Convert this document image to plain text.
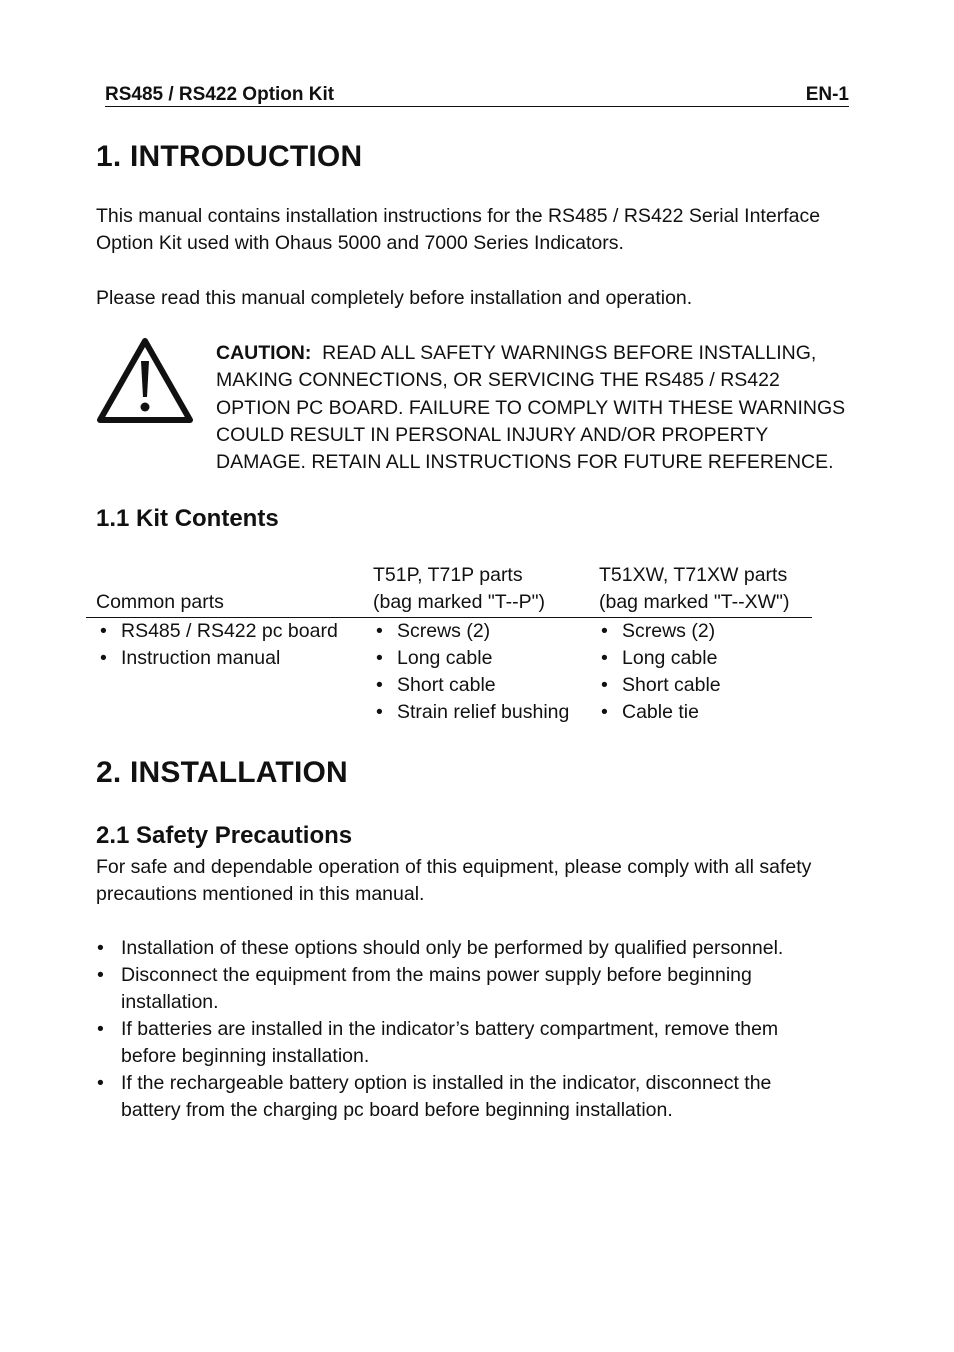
RS485 / RS422 Option Kit	EN-1
1. INTRODUCTION

This manual contains installation instructions for the RS485 / RS422 Serial Interface Option Kit used with Ohaus 5000 and 7000 Series Indicators.

Please read this manual completely before installation and operation.

CAUTION: READ ALL SAFETY WARNINGS BEFORE INSTALLING, MAKING CONNECTIONS, OR SERVICING THE RS485 / RS422 OPTION PC BOARD. FAILURE TO COMPLY WITH THESE WARNINGS COULD RESULT IN PERSONAL INJURY AND/OR PROPERTY DAMAGE. RETAIN ALL INSTRUCTIONS FOR FUTURE REFERENCE.
1.1 Kit Contents

Common parts
T51P, T71P parts
(bag marked "T--P")
T51XW, T71XW parts
(bag marked "T--XW")
• RS485 / RS422 pc board
• Instruction manual
• Screws (2)
• Long cable
• Short cable
• Strain relief bushing
• Screws (2)
• Long cable
• Short cable
• Cable tie
2. INSTALLATION
2.1 Safety Precautions

For safe and dependable operation of this equipment, please comply with all safety precautions mentioned in this manual.

• Installation of these options should only be performed by qualified personnel.
• Disconnect the equipment from the mains power supply before beginning installation.
• If batteries are installed in the indicator’s battery compartment, remove them before beginning installation.
• If the rechargeable battery option is installed in the indicator, disconnect the battery from the charging pc board before beginning installation.
